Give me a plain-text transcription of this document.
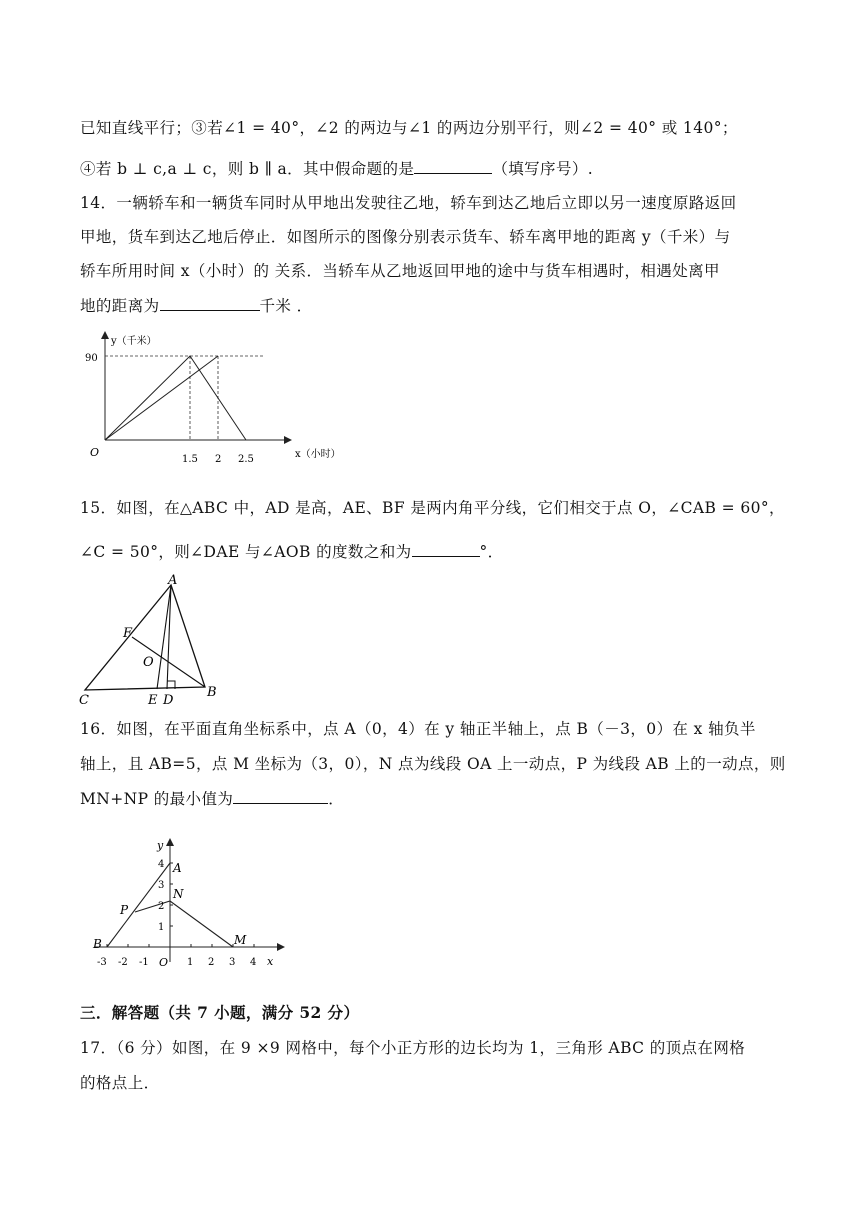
已知直线平行；③若∠1 = 40°，∠2 的两边与∠1 的两边分别平行，则∠2 = 40° 或 140°；
④若 b ⊥ c,a ⊥ c，则 b ∥ a．其中假命题的是	（填写序号）.
14．一辆轿车和一辆货车同时从甲地出发驶往乙地，轿车到达乙地后立即以另一速度原路返回
甲地，货车到达乙地后停止．如图所示的图像分别表示货车、轿车离甲地的距离 y（千米）与
轿车所用时间 x（小时）的 关系．当轿车从乙地返回甲地的途中与货车相遇时，相遇处离甲
地的距离为	千米 ．
y（千米）
90
O
1.5 2 2.5	x（小时）
15．如图，在△ABC 中，AD 是高，AE、BF 是两内角平分线，它们相交于点 O，∠CAB = 60°，
∠C = 50°，则∠DAE 与∠AOB 的度数之和为	°．
A
F
O
C	E D
B
16．如图，在平面直角坐标系中，点 A（0，4）在 y 轴正半轴上，点 B（－3，0）在 x 轴负半
轴上，且 AB=5，点 M 坐标为（3，0），N 点为线段 OA 上一动点，P 为线段 AB 上的一动点，则
MN+NP 的最小值为	．
-3 -2 -1	1 2 3 4
1
2
3
4
y
x
O
A
B	M
N
P
三．解答题（共 7 小题，满分 52 分）
17．（6 分）如图，在 9 ×9 网格中，每个小正方形的边长均为 1，三角形 ABC 的顶点在网格
的格点上．
